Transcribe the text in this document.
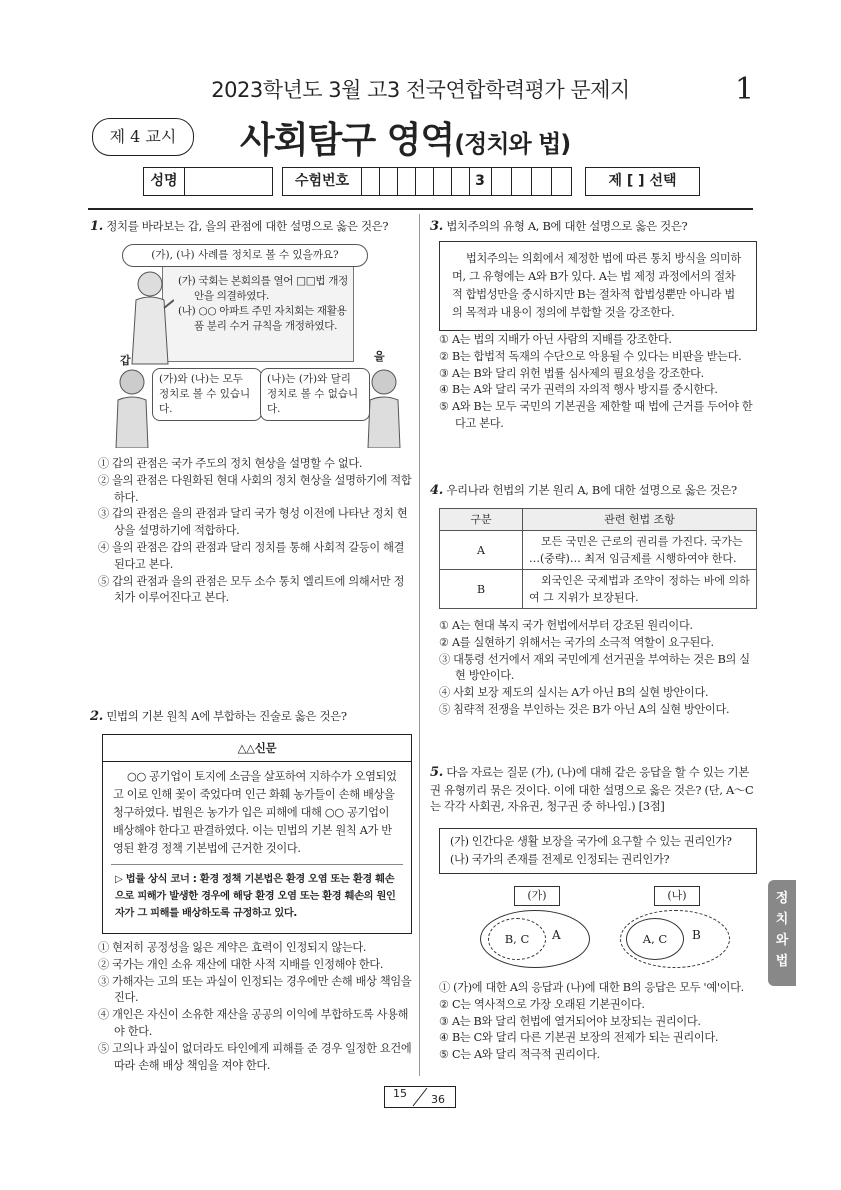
2023학년도 3월 고3 전국연합학력평가 문제지	1
제 4 교시	사회탐구 영역(정치와 법)
성명	수험번호	3	제 [ ] 선택
1. 정치를 바라보는 갑, 을의 관점에 대한 설명으로 옳은 것은?
(가), (나) 사례를 정치로 볼 수 있을까요?
(가) 국회는 본회의를 열어 □□법 개정안을 의결하였다.
(나) ○○ 아파트 주민 자치회는 재활용품 분리 수거 규칙을 개정하였다.
갑	을
(가)와 (나)는 모두 정치로 볼 수 있습니다.
(나)는 (가)와 달리 정치로 볼 수 없습니다.
① 갑의 관점은 국가 주도의 정치 현상을 설명할 수 없다.
② 을의 관점은 다원화된 현대 사회의 정치 현상을 설명하기에 적합하다.
③ 갑의 관점은 을의 관점과 달리 국가 형성 이전에 나타난 정치 현상을 설명하기에 적합하다.
④ 을의 관점은 갑의 관점과 달리 정치를 통해 사회적 갈등이 해결된다고 본다.
⑤ 갑의 관점과 을의 관점은 모두 소수 통치 엘리트에 의해서만 정치가 이루어진다고 본다.
2. 민법의 기본 원칙 A에 부합하는 진술로 옳은 것은?
△△신문
○○ 공기업이 토지에 소금을 살포하여 지하수가 오염되었고 이로 인해 꽃이 죽었다며 인근 화훼 농가들이 손해 배상을 청구하였다. 법원은 농가가 입은 피해에 대해 ○○ 공기업이 배상해야 한다고 판결하였다. 이는 민법의 기본 원칙 A가 반영된 환경 정책 기본법에 근거한 것이다.
▷ 법률 상식 코너 : 환경 정책 기본법은 환경 오염 또는 환경 훼손으로 피해가 발생한 경우에 해당 환경 오염 또는 환경 훼손의 원인자가 그 피해를 배상하도록 규정하고 있다.
① 현저히 공정성을 잃은 계약은 효력이 인정되지 않는다.
② 국가는 개인 소유 재산에 대한 사적 지배를 인정해야 한다.
③ 가해자는 고의 또는 과실이 인정되는 경우에만 손해 배상 책임을 진다.
④ 개인은 자신이 소유한 재산을 공공의 이익에 부합하도록 사용해야 한다.
⑤ 고의나 과실이 없더라도 타인에게 피해를 준 경우 일정한 요건에 따라 손해 배상 책임을 져야 한다.
3. 법치주의의 유형 A, B에 대한 설명으로 옳은 것은?
법치주의는 의회에서 제정한 법에 따른 통치 방식을 의미하며, 그 유형에는 A와 B가 있다. A는 법 제정 과정에서의 절차적 합법성만을 중시하지만 B는 절차적 합법성뿐만 아니라 법의 목적과 내용이 정의에 부합할 것을 강조한다.
① A는 법의 지배가 아닌 사람의 지배를 강조한다.
② B는 합법적 독재의 수단으로 악용될 수 있다는 비판을 받는다.
③ A는 B와 달리 위헌 법률 심사제의 필요성을 강조한다.
④ B는 A와 달리 국가 권력의 자의적 행사 방지를 중시한다.
⑤ A와 B는 모두 국민의 기본권을 제한할 때 법에 근거를 두어야 한다고 본다.
4. 우리나라 헌법의 기본 원리 A, B에 대한 설명으로 옳은 것은?
구분	관련 헌법 조항
A	모든 국민은 근로의 권리를 가진다. 국가는 …(중략)… 최저 임금제를 시행하여야 한다.
B	외국인은 국제법과 조약이 정하는 바에 의하여 그 지위가 보장된다.
① A는 현대 복지 국가 헌법에서부터 강조된 원리이다.
② A를 실현하기 위해서는 국가의 소극적 역할이 요구된다.
③ 대통령 선거에서 재외 국민에게 선거권을 부여하는 것은 B의 실현 방안이다.
④ 사회 보장 제도의 실시는 A가 아닌 B의 실현 방안이다.
⑤ 침략적 전쟁을 부인하는 것은 B가 아닌 A의 실현 방안이다.
5. 다음 자료는 질문 (가), (나)에 대해 같은 응답을 할 수 있는 기본권 유형끼리 묶은 것이다. 이에 대한 설명으로 옳은 것은? (단, A～C는 각각 사회권, 자유권, 청구권 중 하나임.) [3점]
(가) 인간다운 생활 보장을 국가에 요구할 수 있는 권리인가?
(나) 국가의 존재를 전제로 인정되는 권리인가?
(가)
B, C	A
(나)
A, C	B
① (가)에 대한 A의 응답과 (나)에 대한 B의 응답은 모두 '예'이다.
② C는 역사적으로 가장 오래된 기본권이다.
③ A는 B와 달리 헌법에 열거되어야 보장되는 권리이다.
④ B는 C와 달리 다른 기본권 보장의 전제가 되는 권리이다.
⑤ C는 A와 달리 적극적 권리이다.
정치와법
15 36
